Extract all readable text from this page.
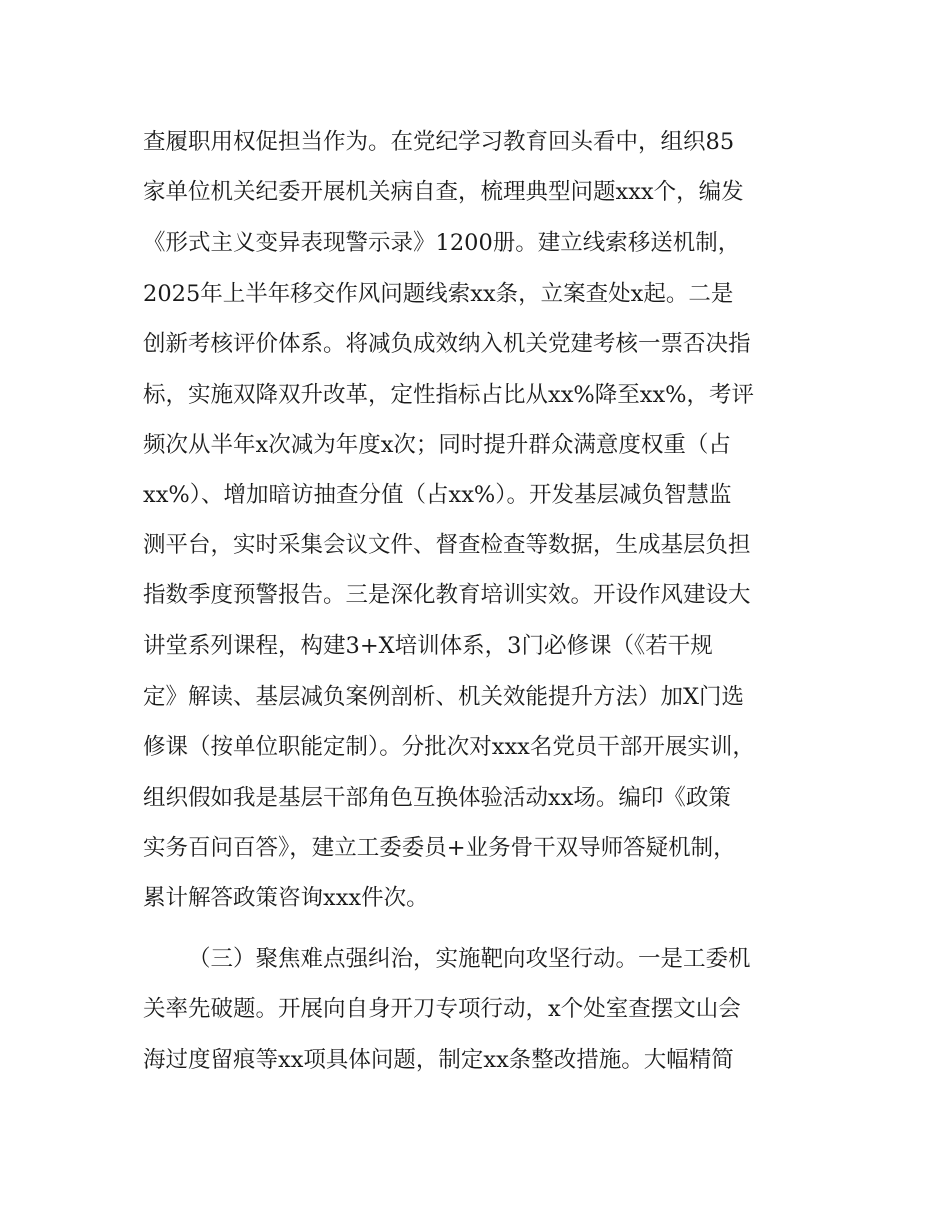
查履职用权促担当作为。在党纪学习教育回头看中，组织85
家单位机关纪委开展机关病自查，梳理典型问题xxx个，编发
《形式主义变异表现警示录》1200册。建立线索移送机制，
2025年上半年移交作风问题线索xx条，立案查处x起。二是
创新考核评价体系。将减负成效纳入机关党建考核一票否决指
标，实施双降双升改革，定性指标占比从xx%降至xx%，考评
频次从半年x次减为年度x次；同时提升群众满意度权重（占
xx%）、增加暗访抽查分值（占xx%）。开发基层减负智慧监
测平台，实时采集会议文件、督查检查等数据，生成基层负担
指数季度预警报告。三是深化教育培训实效。开设作风建设大
讲堂系列课程，构建3+X培训体系，3门必修课（《若干规
定》解读、基层减负案例剖析、机关效能提升方法）加X门选
修课（按单位职能定制）。分批次对xxx名党员干部开展实训，
组织假如我是基层干部角色互换体验活动xx场。编印《政策
实务百问百答》，建立工委委员+业务骨干双导师答疑机制，
累计解答政策咨询xxx件次。
（三）聚焦难点强纠治，实施靶向攻坚行动。一是工委机
关率先破题。开展向自身开刀专项行动，x个处室查摆文山会
海过度留痕等xx项具体问题，制定xx条整改措施。大幅精简
